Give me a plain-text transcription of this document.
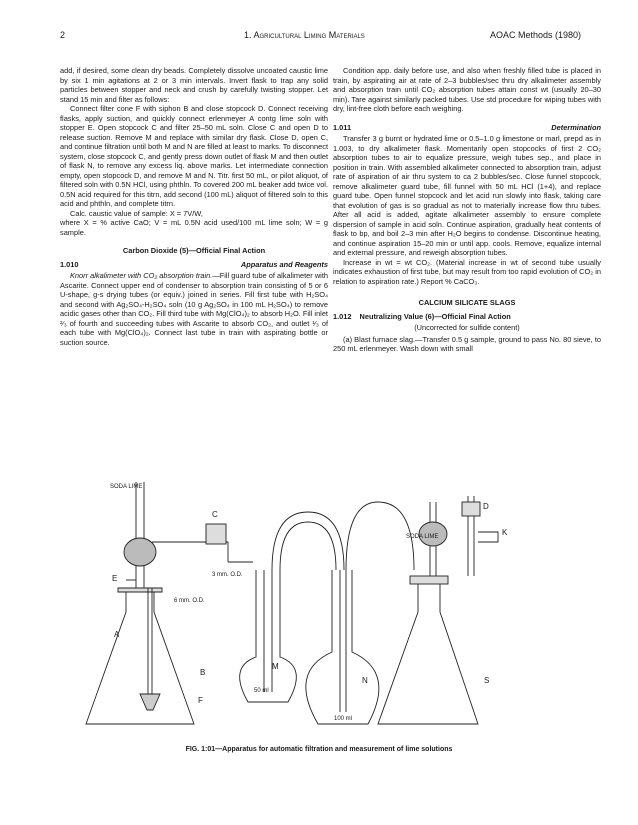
2	1. Agricultural Liming Materials	AOAC Methods (1980)

add, if desired, some clean dry beads. Completely dissolve uncoated caustic lime by six 1 min agitations at 2 or 3 min intervals. Invert flask to trap any solid particles between stopper and neck and crush by carefully twisting stopper. Let stand 15 min and filter as follows:

Connect filter cone F with siphon B and close stopcock D. Connect receiving flasks, apply suction, and quickly connect erlenmeyer A contg lime soln with stopper E. Open stopcock C and filter 25–50 mL soln. Close C and open D to release suction. Remove M and replace with similar dry flask. Close D, open C, and continue filtration until both M and N are filled at least to marks. To disconnect system, close stopcock C, and gently press down outlet of flask M and then outlet of flask N, to remove any excess liq. above marks. Let intermediate connection empty, open stopcock D, and remove M and N. Titr. first 50 mL, or pilot aliquot, of filtered soln with 0.5N HCl, using phthln. To covered 200 mL beaker add twice vol. 0.5N acid required for this titrn, add second (100 mL) aliquot of filtered soln to this acid and phthln, and complete titrn.

Calc. caustic value of sample: X = 7V/W,

where X = % active CaO; V = mL 0.5N acid used/100 mL lime soln; W = g sample.

Carbon Dioxide (5)—Official Final Action

1.010	Apparatus and Reagents

Knorr alkalimeter with CO₂ absorption train.—Fill guard tube of alkalimeter with Ascarite. Connect upper end of condenser to absorption train consisting of 5 or 6 U-shape, g-s drying tubes (or equiv.) joined in series. Fill first tube with H₂SO₄ and second with Ag₂SO₄-H₂SO₄ soln (10 g Ag₂SO₄ in 100 mL H₂SO₄) to remove acidic gases other than CO₂. Fill third tube with Mg(ClO₄)₂ to absorb H₂O. Fill inlet ²⁄₃ of fourth and succeeding tubes with Ascarite to absorb CO₂, and outlet ¹⁄₃ of each tube with Mg(ClO₄)₂. Connect last tube in train with aspirating bottle or suction source.

Condition app. daily before use, and also when freshly filled tube is placed in train, by aspirating air at rate of 2–3 bubbles/sec thru dry alkalimeter assembly and absorption train until CO₂ absorption tubes attain const wt (usually 20–30 min). Tare against similarly packed tubes. Use std procedure for wiping tubes with dry, lint-free cloth before each weighing.

1.011	Determination

Transfer 3 g burnt or hydrated lime or 0.5–1.0 g limestone or marl, prepd as in 1.003, to dry alkalimeter flask. Momentarily open stopcocks of first 2 CO₂ absorption tubes to air to equalize pressure, weigh tubes sep., and place in position in train. With assembled alkalimeter connected to absorption train, adjust rate of aspiration of air thru system to ca 2 bubbles/sec. Close funnel stopcock, remove alkalimeter guard tube, fill funnel with 50 mL HCl (1+4), and replace guard tube. Open funnel stopcock and let acid run slowly into flask, taking care that evolution of gas is so gradual as not to materially increase flow thru tubes. After all acid is added, agitate alkalimeter assembly to ensure complete dispersion of sample in acid soln. Continue aspiration, gradually heat contents of flask to bp, and boil 2–3 min after H₂O begins to condense. Discontinue heating, and continue aspiration 15–20 min or until app. cools. Remove, equalize internal and external pressure, and reweigh absorption tubes.

Increase in wt = wt CO₂. (Material increase in wt of second tube usually indicates exhaustion of first tube, but may result from too rapid evolution of CO₂ in relation to aspiration rate.) Report % CaCO₃.

CALCIUM SILICATE SLAGS

1.012 Neutralizing Value (6)—Official Final Action

(Uncorrected for sulfide content)

(a) Blast furnace slag.—Transfer 0.5 g sample, ground to pass No. 80 sieve, to 250 mL erlenmeyer. Wash down with small

SODA LIME
SODA LIME
A
B
C
D
E
F
K
M
N	S
3 mm. O.D.
6 mm. O.D.
50 ml
100 ml
FIG. 1:01—Apparatus for automatic filtration and measurement of lime solutions
